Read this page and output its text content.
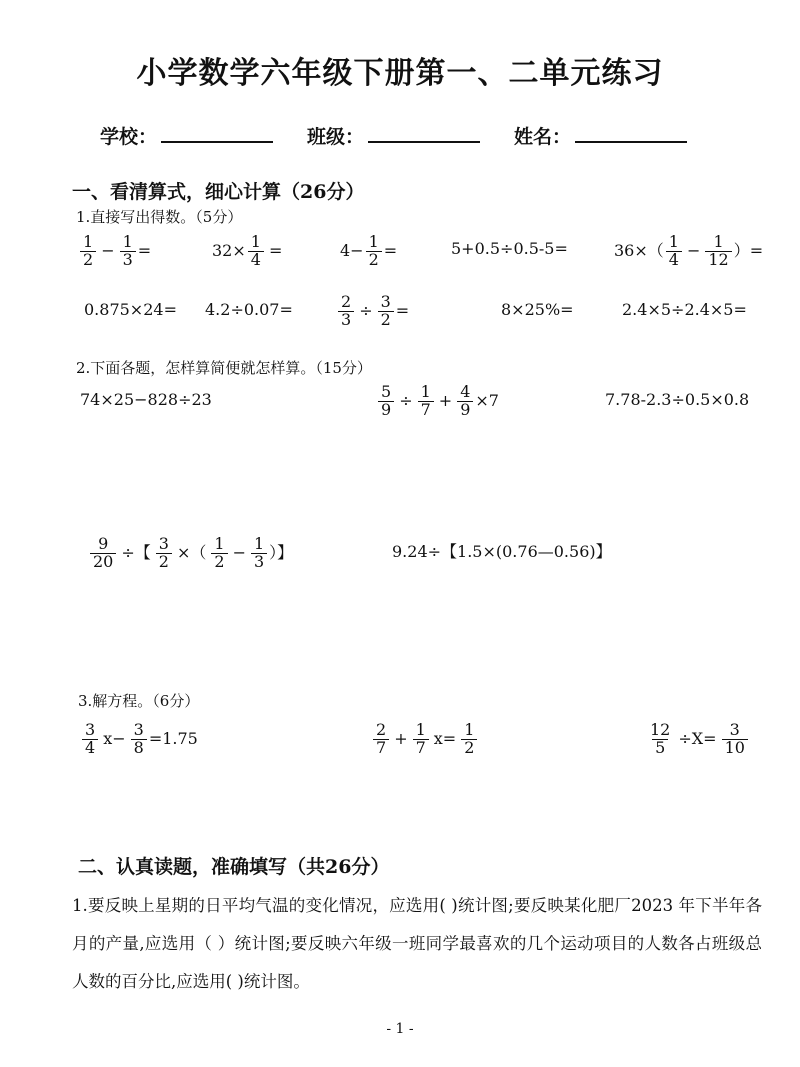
小学数学六年级下册第一、二单元练习
学校：	班级：	姓名：
一、看清算式，细心计算（26分）
1.直接写出得数。（5分）
$\frac{1}{2} - \frac{1}{3}$ =	$32\times \frac{1}{4}$ =	$4- \frac{1}{2}$ =	5+0.5÷0.5-5=	$36\times( \frac{1}{4} - \frac{1}{12}$ ）=
0.875×24= 4.2÷0.07=	$\frac{2}{3} \div \frac{3}{2}$ =	8×25%=	2.4×5÷2.4×5=
2.下面各题，怎样算简便就怎样算。（15分）
74×25−828÷23	$\frac{5}{9} \div \frac{1}{7} + \frac{4}{9} \times 7$	7.78-2.3÷0.5×0.8
$\frac{9}{20}$ ÷【 $\frac{3}{2}$ ×（ $\frac{1}{2} - \frac{1}{3}$ ）】	9.24÷【1.5×(0.76—0.56)】
3.解方程。（6分）
$\frac{3}{4} x- \frac{3}{8} =1.75$	$\frac{2}{7} + \frac{1}{7} x= \frac{1}{2}$	$\frac{12}{5} \div X= \frac{3}{10}$
二、认真读题，准确填写（共26分）
1.要反映上星期的日平均气温的变化情况，应选用( )统计图;要反映某化肥厂2023 年下半年各月的产量,应选用（ ）统计图;要反映六年级一班同学最喜欢的几个运动项目的人数各占班级总人数的百分比,应选用( )统计图。
- 1 -
